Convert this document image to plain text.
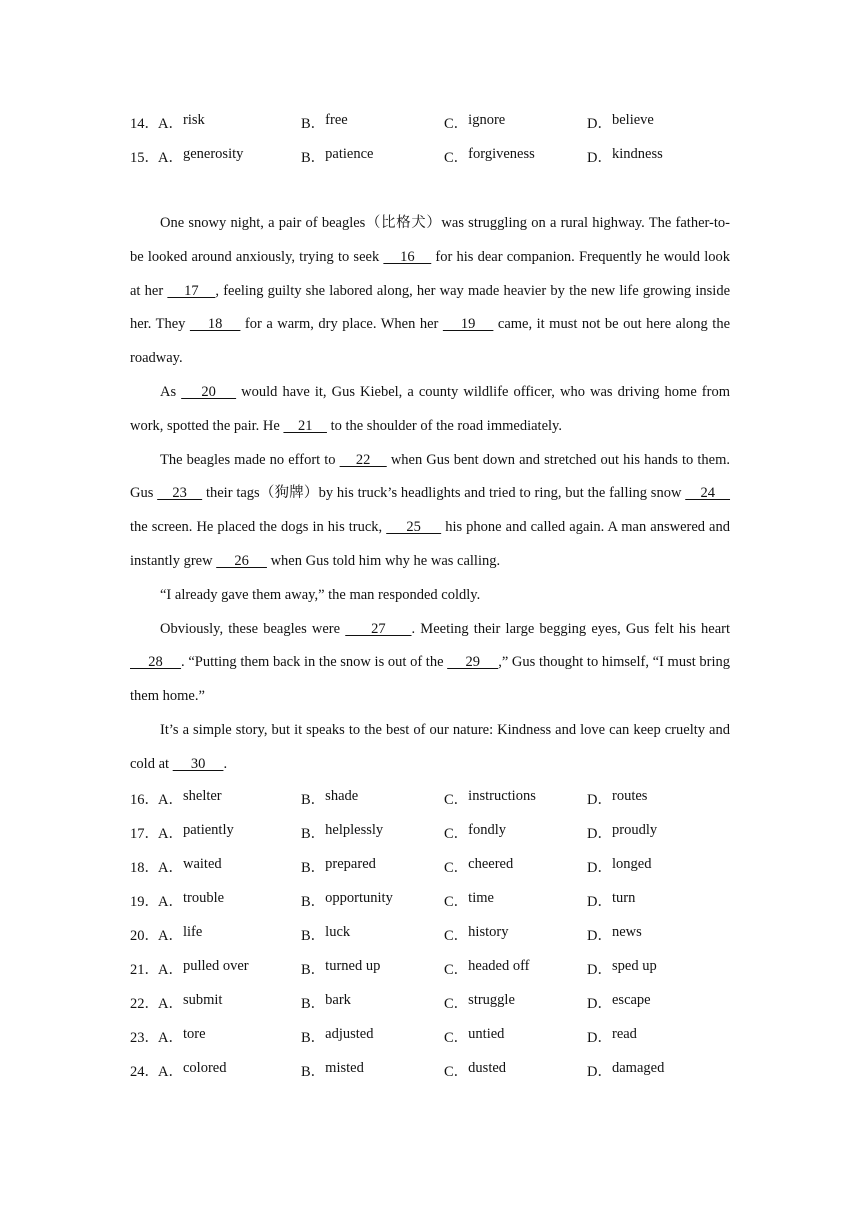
14． A． risk	B． free	C． ignore	D． believe
15． A． generosity	B． patience	C． forgiveness	D． kindness

One snowy night, a pair of beagles（比格犬）was struggling on a rural highway. The father-to-be looked around anxiously, trying to seek     16     for his dear companion. Frequently he would look at her     17    , feeling guilty she labored along, her way made heavier by the new life growing inside her. They     18     for a warm, dry place. When her     19     came, it must not be out here along the roadway.

As     20     would have it, Gus Kiebel, a county wildlife officer, who was driving home from work, spotted the pair. He     21     to the shoulder of the road immediately.

The beagles made no effort to     22     when Gus bent down and stretched out his hands to them. Gus     23     their tags（狗牌）by his truck’s headlights and tried to ring, but the falling snow     24     the screen. He placed the dogs in his truck,      25      his phone and called again. A man answered and instantly grew      26      when Gus told him why he was calling.

“I already gave them away,” the man responded coldly.

Obviously, these beagles were      27     . Meeting their large begging eyes, Gus felt his heart      28     . “Putting them back in the snow is out of the      29     ,” Gus thought to himself, “I must bring them home.”

It’s a simple story, but it speaks to the best of our nature: Kindness and love can keep cruelty and cold at      30     .

16． A． shelter	B． shade	C． instructions	D． routes
17． A． patiently	B． helplessly	C． fondly	D． proudly
18． A． waited	B． prepared	C． cheered	D． longed
19． A． trouble	B． opportunity	C． time	D． turn
20． A． life	B． luck	C． history	D． news
21． A． pulled over	B． turned up	C． headed off	D． sped up
22． A． submit	B． bark	C． struggle	D． escape
23． A． tore	B． adjusted	C． untied	D． read
24． A． colored	B． misted	C． dusted	D． damaged
